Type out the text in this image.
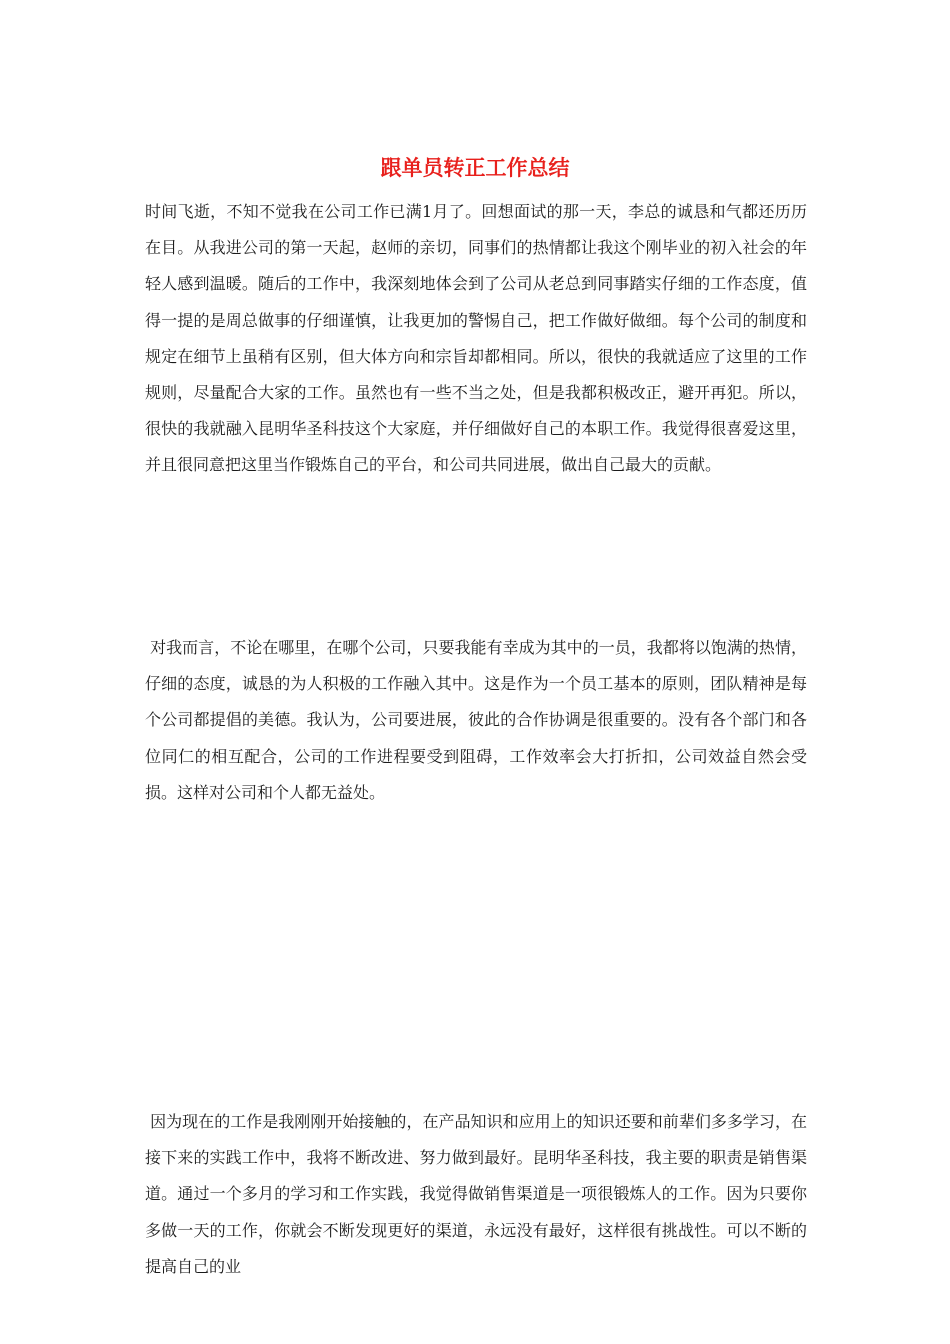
跟单员转正工作总结

时间飞逝，不知不觉我在公司工作已满1月了。回想面试的那一天，李总的诚恳和气都还历历在目。从我进公司的第一天起，赵师的亲切，同事们的热情都让我这个刚毕业的初入社会的年轻人感到温暖。随后的工作中，我深刻地体会到了公司从老总到同事踏实仔细的工作态度，值得一提的是周总做事的仔细谨慎，让我更加的警惕自己，把工作做好做细。每个公司的制度和规定在细节上虽稍有区别，但大体方向和宗旨却都相同。所以，很快的我就适应了这里的工作规则，尽量配合大家的工作。虽然也有一些不当之处，但是我都积极改正，避开再犯。所以，很快的我就融入昆明华圣科技这个大家庭，并仔细做好自己的本职工作。我觉得很喜爱这里，并且很同意把这里当作锻炼自己的平台，和公司共同进展，做出自己最大的贡献。

对我而言，不论在哪里，在哪个公司，只要我能有幸成为其中的一员，我都将以饱满的热情，仔细的态度，诚恳的为人积极的工作融入其中。这是作为一个员工基本的原则，团队精神是每个公司都提倡的美德。我认为，公司要进展，彼此的合作协调是很重要的。没有各个部门和各位同仁的相互配合，公司的工作进程要受到阻碍，工作效率会大打折扣，公司效益自然会受损。这样对公司和个人都无益处。

因为现在的工作是我刚刚开始接触的，在产品知识和应用上的知识还要和前辈们多多学习，在接下来的实践工作中，我将不断改进、努力做到最好。昆明华圣科技，我主要的职责是销售渠道。通过一个多月的学习和工作实践，我觉得做销售渠道是一项很锻炼人的工作。因为只要你多做一天的工作，你就会不断发现更好的渠道，永远没有最好，这样很有挑战性。可以不断的提高自己的业
